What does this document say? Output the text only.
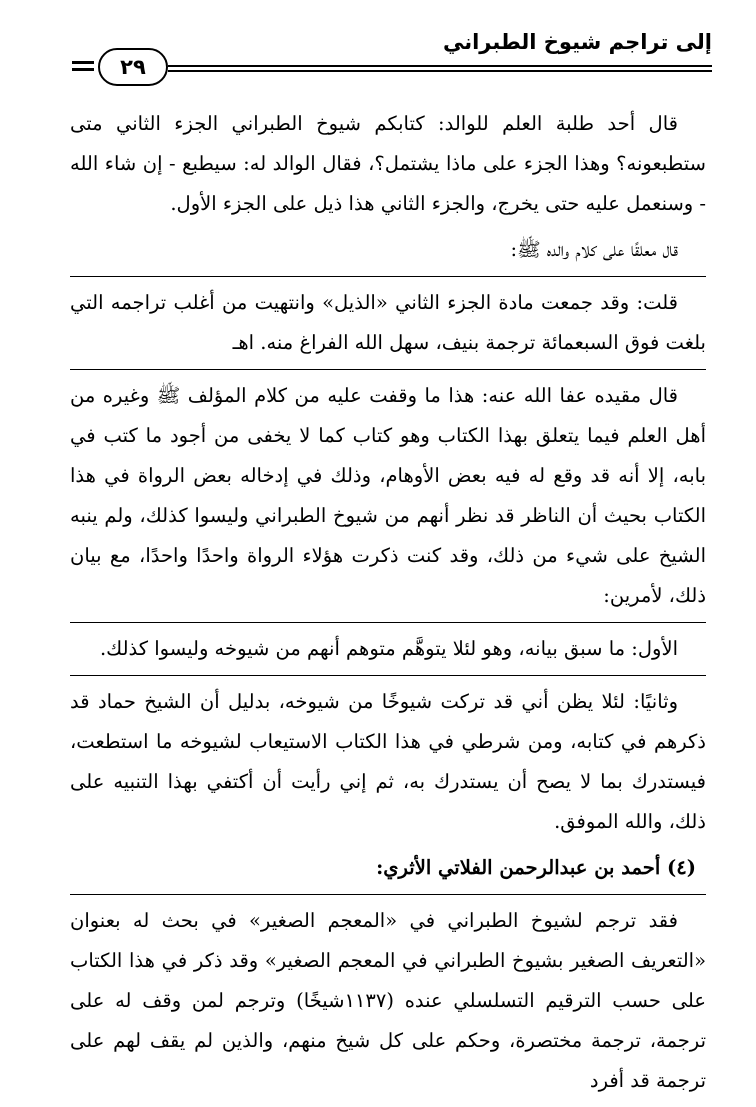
إلى تراجم شيوخ الطبراني
٢٩

قال أحد طلبة العلم للوالد: كتابكم شيوخ الطبراني الجزء الثاني متى ستطبعونه؟ وهذا الجزء على ماذا يشتمل؟، فقال الوالد له: سيطبع - إن شاء الله - وسنعمل عليه حتى يخرج، والجزء الثاني هذا ذيل على الجزء الأول.

قال معلقًا على كلام والده ﷺ:

قلت: وقد جمعت مادة الجزء الثاني «الذيل» وانتهيت من أغلب تراجمه التي بلغت فوق السبعمائة ترجمة بنيف، سهل الله الفراغ منه. اهـ

قال مقيده عفا الله عنه: هذا ما وقفت عليه من كلام المؤلف ﷺ وغيره من أهل العلم فيما يتعلق بهذا الكتاب وهو كتاب كما لا يخفى من أجود ما كتب في بابه، إلا أنه قد وقع له فيه بعض الأوهام، وذلك في إدخاله بعض الرواة في هذا الكتاب بحيث أن الناظر قد نظر أنهم من شيوخ الطبراني وليسوا كذلك، ولم ينبه الشيخ على شيء من ذلك، وقد كنت ذكرت هؤلاء الرواة واحدًا واحدًا، مع بيان ذلك، لأمرين:

الأول: ما سبق بيانه، وهو لئلا يتوهَّم متوهم أنهم من شيوخه وليسوا كذلك.

وثانيًا: لئلا يظن أني قد تركت شيوخًا من شيوخه، بدليل أن الشيخ حماد قد ذكرهم في كتابه، ومن شرطي في هذا الكتاب الاستيعاب لشيوخه ما استطعت، فيستدرك بما لا يصح أن يستدرك به، ثم إني رأيت أن أكتفي بهذا التنبيه على ذلك، والله الموفق.

(٤) أحمد بن عبدالرحمن الفلاتي الأثري:

فقد ترجم لشيوخ الطبراني في «المعجم الصغير» في بحث له بعنوان «التعريف الصغير بشيوخ الطبراني في المعجم الصغير» وقد ذكر في هذا الكتاب على حسب الترقيم التسلسلي عنده (١١٣٧شيخًا) وترجم لمن وقف له على ترجمة، ترجمة مختصرة، وحكم على كل شيخ منهم، والذين لم يقف لهم على ترجمة قد أفرد
